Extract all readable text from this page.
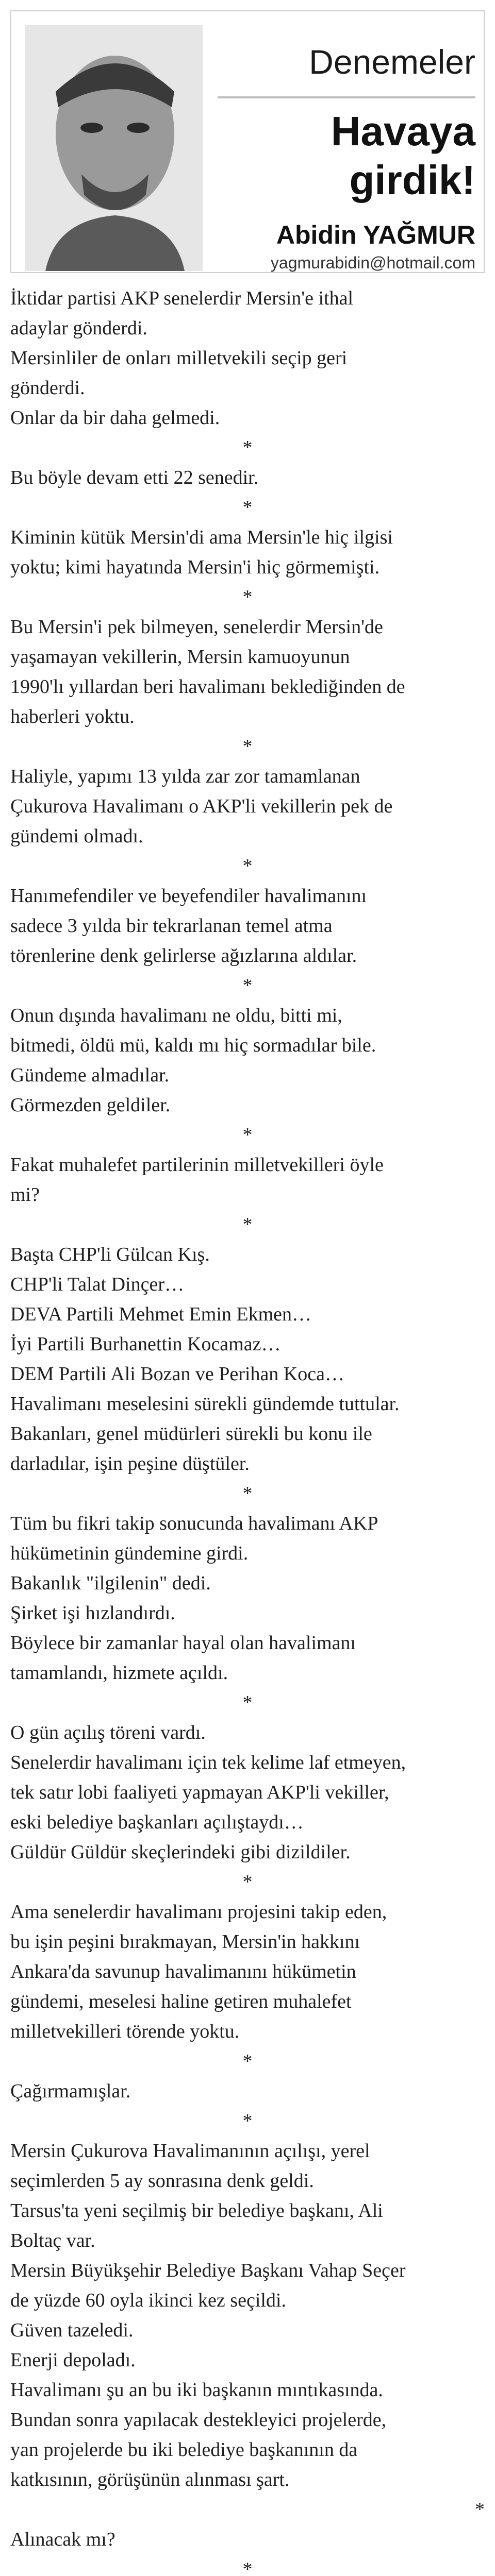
Denemeler
Havaya
girdik!
Abidin YAĞMUR
yagmurabidin@hotmail.com

İktidar partisi AKP senelerdir Mersin'e ithal
adaylar gönderdi.
Mersinliler de onları milletvekili seçip geri
gönderdi.
Onlar da bir daha gelmedi.

*

Bu böyle devam etti 22 senedir.

*

Kiminin kütük Mersin'di ama Mersin'le hiç ilgisi
yoktu; kimi hayatında Mersin'i hiç görmemişti.

*

Bu Mersin'i pek bilmeyen, senelerdir Mersin'de
yaşamayan vekillerin, Mersin kamuoyunun
1990'lı yıllardan beri havalimanı beklediğinden de
haberleri yoktu.

*

Haliyle, yapımı 13 yılda zar zor tamamlanan
Çukurova Havalimanı o AKP'li vekillerin pek de
gündemi olmadı.

*

Hanımefendiler ve beyefendiler havalimanını
sadece 3 yılda bir tekrarlanan temel atma
törenlerine denk gelirlerse ağızlarına aldılar.

*

Onun dışında havalimanı ne oldu, bitti mi,
bitmedi, öldü mü, kaldı mı hiç sormadılar bile.
Gündeme almadılar.
Görmezden geldiler.

*

Fakat muhalefet partilerinin milletvekilleri öyle
mi?

*

Başta CHP'li Gülcan Kış.
CHP'li Talat Dinçer…
DEVA Partili Mehmet Emin Ekmen…
İyi Partili Burhanettin Kocamaz…
DEM Partili Ali Bozan ve Perihan Koca…
Havalimanı meselesini sürekli gündemde tuttular.
Bakanları, genel müdürleri sürekli bu konu ile
darladılar, işin peşine düştüler.

*

Tüm bu fikri takip sonucunda havalimanı AKP
hükümetinin gündemine girdi.
Bakanlık "ilgilenin" dedi.
Şirket işi hızlandırdı.
Böylece bir zamanlar hayal olan havalimanı
tamamlandı, hizmete açıldı.

*

O gün açılış töreni vardı.
Senelerdir havalimanı için tek kelime laf etmeyen,
tek satır lobi faaliyeti yapmayan AKP'li vekiller,
eski belediye başkanları açılıştaydı…
Güldür Güldür skeçlerindeki gibi dizildiler.

*

Ama senelerdir havalimanı projesini takip eden,
bu işin peşini bırakmayan, Mersin'in hakkını
Ankara'da savunup havalimanını hükümetin
gündemi, meselesi haline getiren muhalefet
milletvekilleri törende yoktu.

*

Çağırmamışlar.

*

Mersin Çukurova Havalimanının açılışı, yerel
seçimlerden 5 ay sonrasına denk geldi.
Tarsus'ta yeni seçilmiş bir belediye başkanı, Ali
Boltaç var.
Mersin Büyükşehir Belediye Başkanı Vahap Seçer
de yüzde 60 oyla ikinci kez seçildi.
Güven tazeledi.
Enerji depoladı.
Havalimanı şu an bu iki başkanın mıntıkasında.
Bundan sonra yapılacak destekleyici projelerde,
yan projelerde bu iki belediye başkanının da
katkısının, görüşünün alınması şart.

*

Alınacak mı?

*
